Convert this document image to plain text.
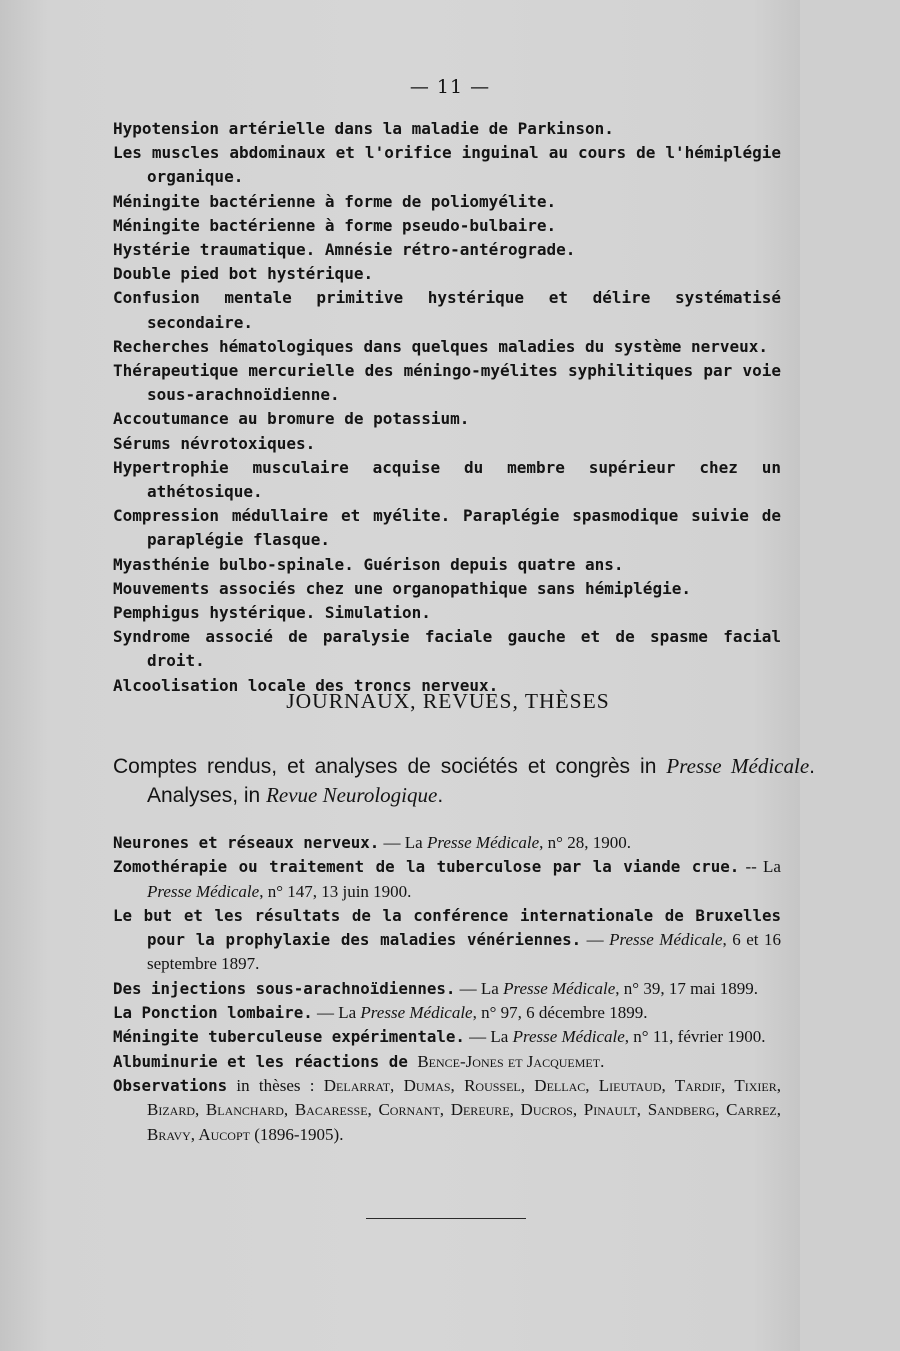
— 11 —
Hypotension artérielle dans la maladie de Parkinson.
Les muscles abdominaux et l'orifice inguinal au cours de l'hémiplégie organique.
Méningite bactérienne à forme de poliomyélite.
Méningite bactérienne à forme pseudo-bulbaire.
Hystérie traumatique. Amnésie rétro-antérograde.
Double pied bot hystérique.
Confusion mentale primitive hystérique et délire systématisé secondaire.
Recherches hématologiques dans quelques maladies du système nerveux.
Thérapeutique mercurielle des méningo-myélites syphilitiques par voie sous-arachnoïdienne.
Accoutumance au bromure de potassium.
Sérums névrotoxiques.
Hypertrophie musculaire acquise du membre supérieur chez un athétosique.
Compression médullaire et myélite. Paraplégie spasmodique suivie de paraplégie flasque.
Myasthénie bulbo-spinale. Guérison depuis quatre ans.
Mouvements associés chez une organopathique sans hémiplégie.
Pemphigus hystérique. Simulation.
Syndrome associé de paralysie faciale gauche et de spasme facial droit.
Alcoolisation locale des troncs nerveux.
JOURNAUX, REVUES, THÈSES
Comptes rendus, et analyses de sociétés et congrès in Presse Médicale. Analyses, in Revue Neurologique.
Neurones et réseaux nerveux. — La Presse Médicale, n° 28, 1900.
Zomothérapie ou traitement de la tuberculose par la viande crue. -- La Presse Médicale, n° 147, 13 juin 1900.
Le but et les résultats de la conférence internationale de Bruxelles pour la prophylaxie des maladies vénériennes. — Presse Médicale, 6 et 16 septembre 1897.
Des injections sous-arachnoïdiennes. — La Presse Médicale, n° 39, 17 mai 1899.
La Ponction lombaire. — La Presse Médicale, n° 97, 6 décembre 1899.
Méningite tuberculeuse expérimentale. — La Presse Médicale, n° 11, février 1900.
Albuminurie et les réactions de Bence-Jones et Jacquemet.
Observations in thèses : Delarrat, Dumas, Roussel, Dellac, Lieutaud, Tardif, Tixier, Bizard, Blanchard, Bacaresse, Cornant, Dereure, Ducros, Pinault, Sandberg, Carrez, Bravy, Aucopt (1896-1905).
